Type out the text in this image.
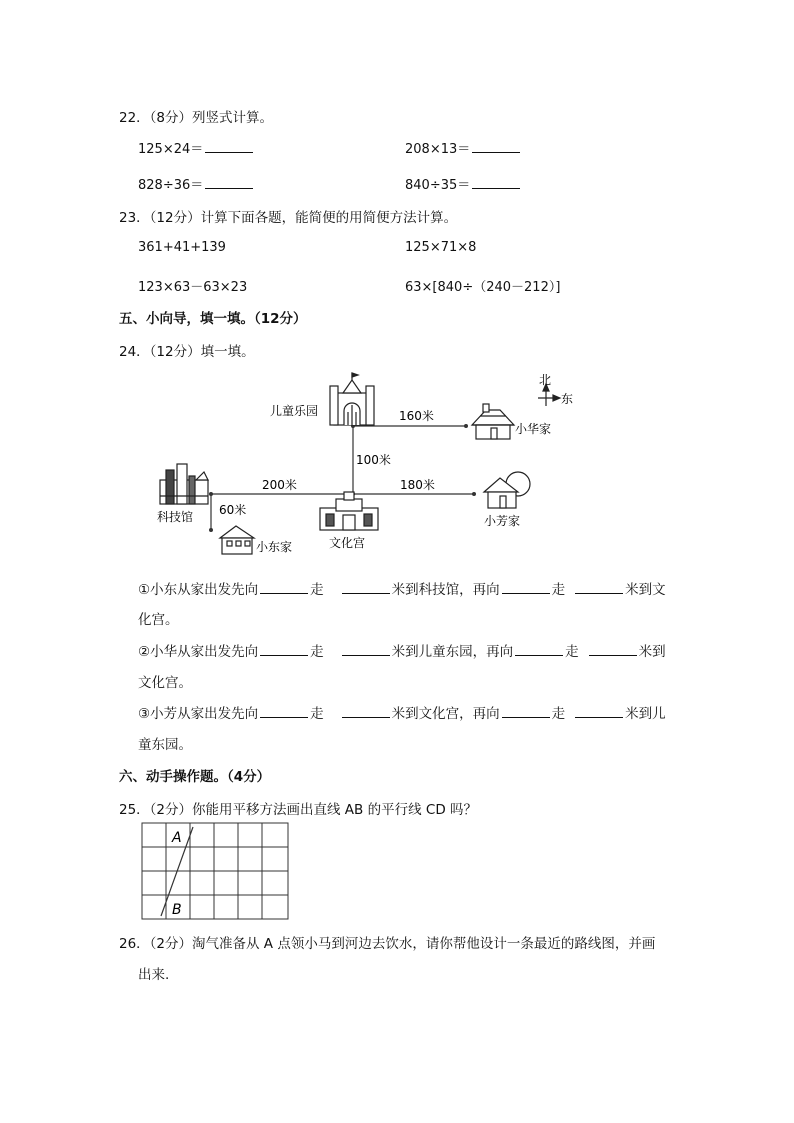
22．（8分）列竖式计算。
125×24＝	208×13＝
828÷36＝	840÷35＝
23．（12分）计算下面各题，能简便的用简便方法计算。
361+41+139	125×71×8
123×63－63×23	63×[840÷（240－212）]
五、小向导，填一填。（12分）
24．（12分）填一填。
儿童乐园
小华家
160米
100米
北
东
科技馆
200米
60米
文化宫
小芳家
180米
小东家
①小东从家出发先向	走	米到科技馆，再向	走	米到文
化宫。
②小华从家出发先向	走	米到儿童东园，再向	走	米到
文化宫。
③小芳从家出发先向	走	米到文化宫，再向	走	米到儿
童东园。
六、动手操作题。（4分）
25．（2分）你能用平移方法画出直线 AB 的平行线 CD 吗？
A
B
26．（2分）淘气准备从 A 点领小马到河边去饮水，请你帮他设计一条最近的路线图，并画
出来.
